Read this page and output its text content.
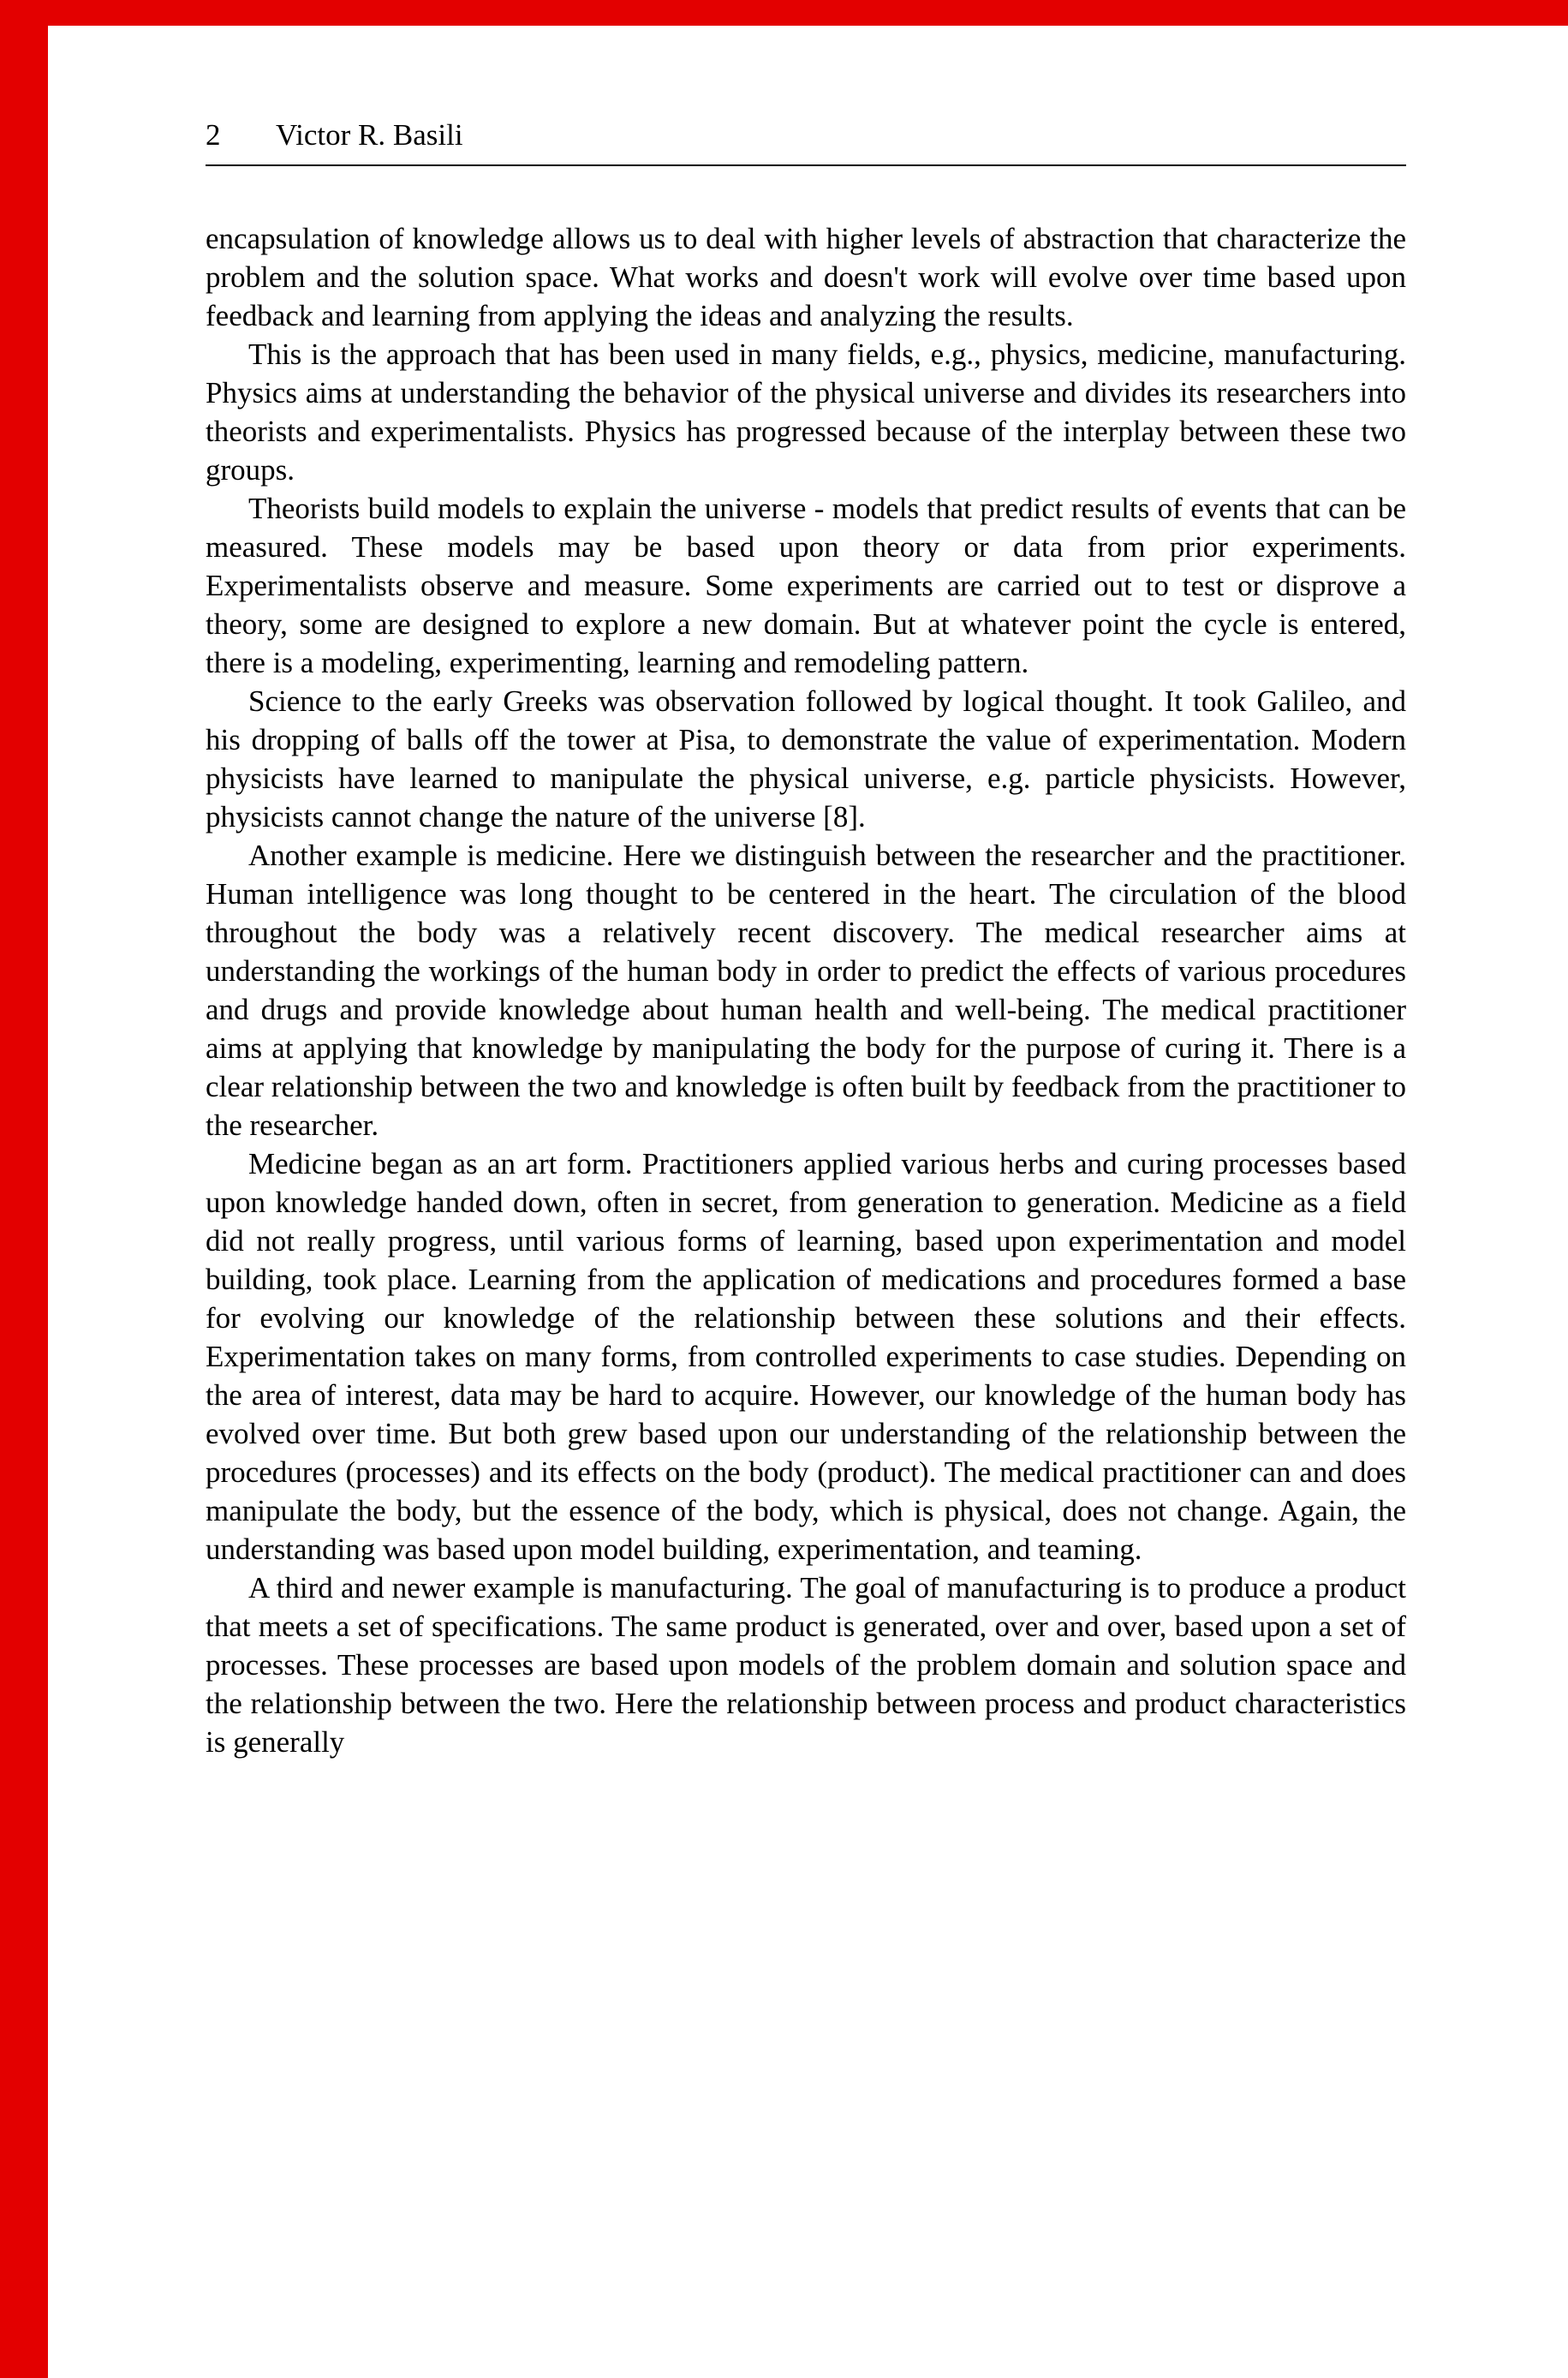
2	Victor R. Basili

encapsulation of knowledge allows us to deal with higher levels of abstraction that characterize the problem and the solution space. What works and doesn't work will evolve over time based upon feedback and learning from applying the ideas and analyzing the results.

This is the approach that has been used in many fields, e.g., physics, medicine, manufacturing. Physics aims at understanding the behavior of the physical universe and divides its researchers into theorists and experimentalists. Physics has progressed because of the interplay between these two groups.

Theorists build models to explain the universe - models that predict results of events that can be measured. These models may be based upon theory or data from prior experiments. Experimentalists observe and measure. Some experiments are carried out to test or disprove a theory, some are designed to explore a new domain. But at whatever point the cycle is entered, there is a modeling, experimenting, learning and remodeling pattern.

Science to the early Greeks was observation followed by logical thought. It took Galileo, and his dropping of balls off the tower at Pisa, to demonstrate the value of experimentation. Modern physicists have learned to manipulate the physical universe, e.g. particle physicists. However, physicists cannot change the nature of the universe [8].

Another example is medicine. Here we distinguish between the researcher and the practitioner. Human intelligence was long thought to be centered in the heart. The circulation of the blood throughout the body was a relatively recent discovery. The medical researcher aims at understanding the workings of the human body in order to predict the effects of various procedures and drugs and provide knowledge about human health and well-being. The medical practitioner aims at applying that knowledge by manipulating the body for the purpose of curing it. There is a clear relationship between the two and knowledge is often built by feedback from the practitioner to the researcher.

Medicine began as an art form. Practitioners applied various herbs and curing processes based upon knowledge handed down, often in secret, from generation to generation. Medicine as a field did not really progress, until various forms of learning, based upon experimentation and model building, took place. Learning from the application of medications and procedures formed a base for evolving our knowledge of the relationship between these solutions and their effects. Experimentation takes on many forms, from controlled experiments to case studies. Depending on the area of interest, data may be hard to acquire. However, our knowledge of the human body has evolved over time. But both grew based upon our understanding of the relationship between the procedures (processes) and its effects on the body (product). The medical practitioner can and does manipulate the body, but the essence of the body, which is physical, does not change. Again, the understanding was based upon model building, experimentation, and teaming.

A third and newer example is manufacturing. The goal of manufacturing is to produce a product that meets a set of specifications. The same product is generated, over and over, based upon a set of processes. These processes are based upon models of the problem domain and solution space and the relationship between the two. Here the relationship between process and product characteristics is generally
